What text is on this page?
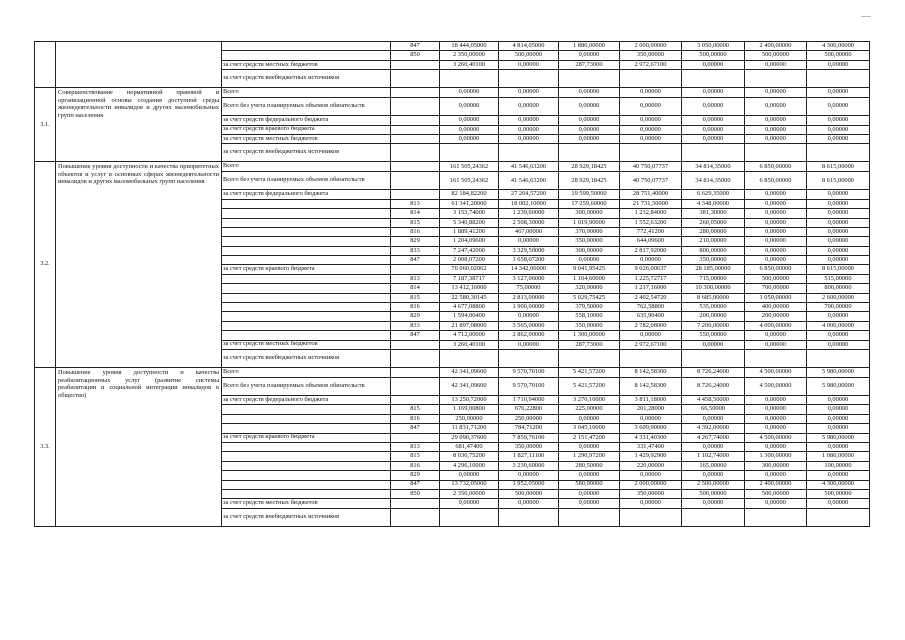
			847	18 444,05000	4 814,05000	1 880,00000	2 000,00000	3 050,00000	2 400,00000	4 300,00000
			850	2 350,00000	500,00000	0,00000	350,00000	500,00000	500,00000	500,00000
		за счет средств местных бюджетов		3 260,40100	0,00000	287,73000	2 972,67100	0,00000	0,00000	0,00000
		за счет средств внебюджетных источников								
3.1.	Совершенствование нормативной правовой и организационной основы создания доступной среды жизнедеятельности инвалидов и других маломобильных групп населения	Всего		0,00000	0,00000	0,00000	0,00000	0,00000	0,00000	0,00000
		Всего без учета планируемых объемов обязательств		0,00000	0,00000	0,00000	0,00000	0,00000	0,00000	0,00000
		за счет средств федерального бюджета		0,00000	0,00000	0,00000	0,00000	0,00000	0,00000	0,00000
		за счет средств краевого бюджета		0,00000	0,00000	0,00000	0,00000	0,00000	0,00000	0,00000
		за счет средств местных бюджетов		0,00000	0,00000	0,00000	0,00000	0,00000	0,00000	0,00000
		за счет средств внебюджетных источников								
3.2.	Повышение уровня доступности и качества приоритетных объектов и услуг в основных сферах жизнедеятельности инвалидов и других маломобильных групп населения	Всего		161 505,24362	41 546,63200	28 929,18425	40 750,07737	34 814,35000	6 850,00000	8 615,00000
		Всего без учета планируемых объемов обязательств		161 505,24362	41 546,63200	28 929,18425	40 750,07737	34 814,35000	6 850,00000	8 615,00000
		за счет средств федерального бюджета		82 184,82200	27 204,57200	19 599,50000	28 751,40000	6 629,35000	0,00000	0,00000
			813	61 341,20000	18 002,10000	17 259,60000	21 731,50000	4 348,00000	0,00000	0,00000
			814	3 153,74000	1 239,60000	300,00000	1 232,84000	381,30000	0,00000	0,00000
			815	5 340,88200	2 508,30000	1 019,90000	1 552,63200	260,05000	0,00000	0,00000
			816	1 889,41200	467,00000	370,00000	772,41200	280,00000	0,00000	0,00000
			829	1 204,09600	0,00000	350,00000	644,09600	210,00000	0,00000	0,00000
			833	7 247,42000	3 329,50000	300,00000	2 817,92000	800,00000	0,00000	0,00000
			847	2 008,07200	1 658,07200	0,00000	0,00000	350,00000	0,00000	0,00000
		за счет средств краевого бюджета		76 060,02062	14 342,06000	9 041,95425	9 026,00637	28 185,00000	6 850,00000	8 615,00000
			813	7 187,38717	3 127,06000	1 104,60000	1 225,72717	715,00000	500,00000	515,00000
			814	13 412,16000	75,00000	320,00000	1 217,16000	10 300,00000	700,00000	800,00000
			815	22 580,30145	2 813,00000	5 029,75425	2 402,54720	8 685,00000	1 050,00000	2 600,00000
			816	4 677,08800	1 900,00000	379,50000	762,58800	535,00000	400,00000	700,00000
			829	1 594,00400	0,00000	558,10000	635,90400	200,00000	200,00000	0,00000
			833	21 897,08000	3 565,00000	350,00000	2 782,08000	7 200,00000	4 000,00000	4 000,00000
			847	4 712,00000	2 862,00000	1 300,00000	0,00000	550,00000	0,00000	0,00000
		за счет средств местных бюджетов		3 260,40100	0,00000	287,73000	2 972,67100	0,00000	0,00000	0,00000
		за счет средств внебюджетных источников								
3.3.	Повышение уровня доступности и качества реабилитационных услуг (развитие системы реабилитации и социальной интеграции инвалидов в общество)	Всего		42 341,09600	9 570,70100	5 421,57200	8 142,58300	8 726,24000	4 500,00000	5 980,00000
		Всего без учета планируемых объемов обязательств		42 341,09600	9 570,70100	5 421,57200	8 142,58300	8 726,24000	4 500,00000	5 980,00000
		за счет средств федерального бюджета		13 250,72000	1 710,94000	3 270,10000	3 811,18000	4 458,50000	0,00000	0,00000
			815	1 169,00800	676,22800	225,00000	201,28000	66,50000	0,00000	0,00000
			816	250,00000	250,00000	0,00000	0,00000	0,00000	0,00000	0,00000
			847	11 831,71200	784,71200	3 045,10000	3 609,90000	4 392,00000	0,00000	0,00000
		за счет средств краевого бюджета		29 090,37600	7 859,76100	2 151,47200	4 331,40300	4 267,74000	4 500,00000	5 980,00000
			813	681,47400	350,00000	0,00000	331,47400	0,00000	0,00000	0,00000
			815	8 030,75200	1 827,11100	1 290,97200	1 429,92900	1 102,74000	1 300,00000	1 080,00000
			816	4 296,10000	3 230,60000	280,50000	220,00000	165,00000	300,00000	100,00000
			829	0,00000	0,00000	0,00000	0,00000	0,00000	0,00000	0,00000
			847	13 732,05000	1 952,05000	580,00000	2 000,00000	2 500,00000	2 400,00000	4 300,00000
			850	2 350,00000	500,00000	0,00000	350,00000	500,00000	500,00000	500,00000
		за счет средств местных бюджетов		0,00000	0,00000	0,00000	0,00000	0,00000	0,00000	0,00000
		за счет средств внебюджетных источников								
